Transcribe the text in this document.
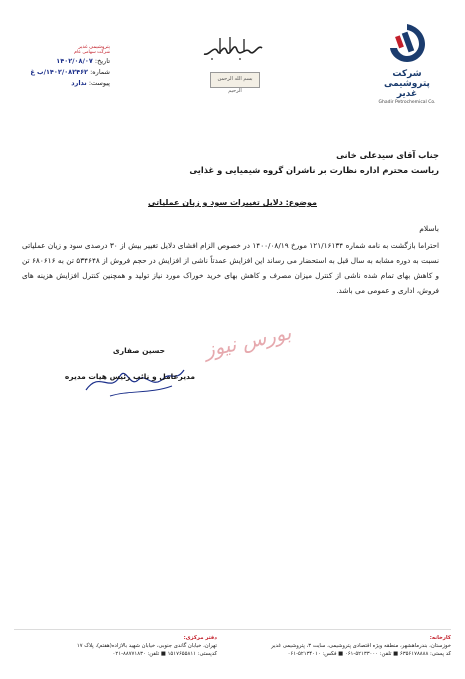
شرکت پتروشیمی غدیر
Ghadir Petrochemical Co.
بسم الله الرحمن الرحیم
پتروشیمی غدیر
شرکت سهامی عام
تاریخ: ۱۴۰۲/۰۸/۰۷
شماره: ۱۴۰۲/۰۸۲۴۶۲/ب غ
پیوست: ندارد
جناب آقای سیدعلی خانی
ریاست محترم اداره نظارت بر ناشران گروه شیمیایی و غذایی
موضوع: دلایل تغییرات سود و زیان عملیاتی
باسلام
احتراما بازگشت به نامه شماره ۱۲۱/۱۶۱۳۴ مورخ ۱۴۰۰/۰۸/۱۹ در خصوص الزام افشای دلایل تغییر بیش از ۳۰ درصدی سود و زیان عملیاتی نسبت به دوره مشابه به سال قبل به استحضار می رساند این افزایش عمدتاً ناشی از افزایش در حجم فروش از ۵۳۴۶۴۸ تن به ۶۸۰۶۱۶ تن و کاهش بهای تمام شده ناشی از کنترل میزان مصرف و کاهش بهای خرید خوراک مورد نیاز تولید و همچنین کنترل افزایش هزینه های فروش، اداری و عمومی می باشد.
بورس نیوز
حسین صفاری
مدیرعامل و نائب رئیس هیات مدیره
کارخانه:
خوزستان، بندرماهشهر، منطقه ویژه اقتصادی پتروشیمی، سایت ۳، پتروشیمی غدیر
کد پستی: ۶۳۵۶۱۷۸۸۸۸ ■ تلفن: ۵۲۱۳۳۰۰۰-۰۶۱ ■ فکس: ۵۲۱۳۴۰۱۰-۰۶۱
دفتر مرکزی:
تهران، خیابان گاندی جنوبی، خیابان شهید بالازاده(هفتم)، پلاک ۱۷
کدپستی: ۱۵۱۷۶۵۵۸۱۱ ■ تلفن: ۸۸۷۷۱۸۳۰-۰۲۱
